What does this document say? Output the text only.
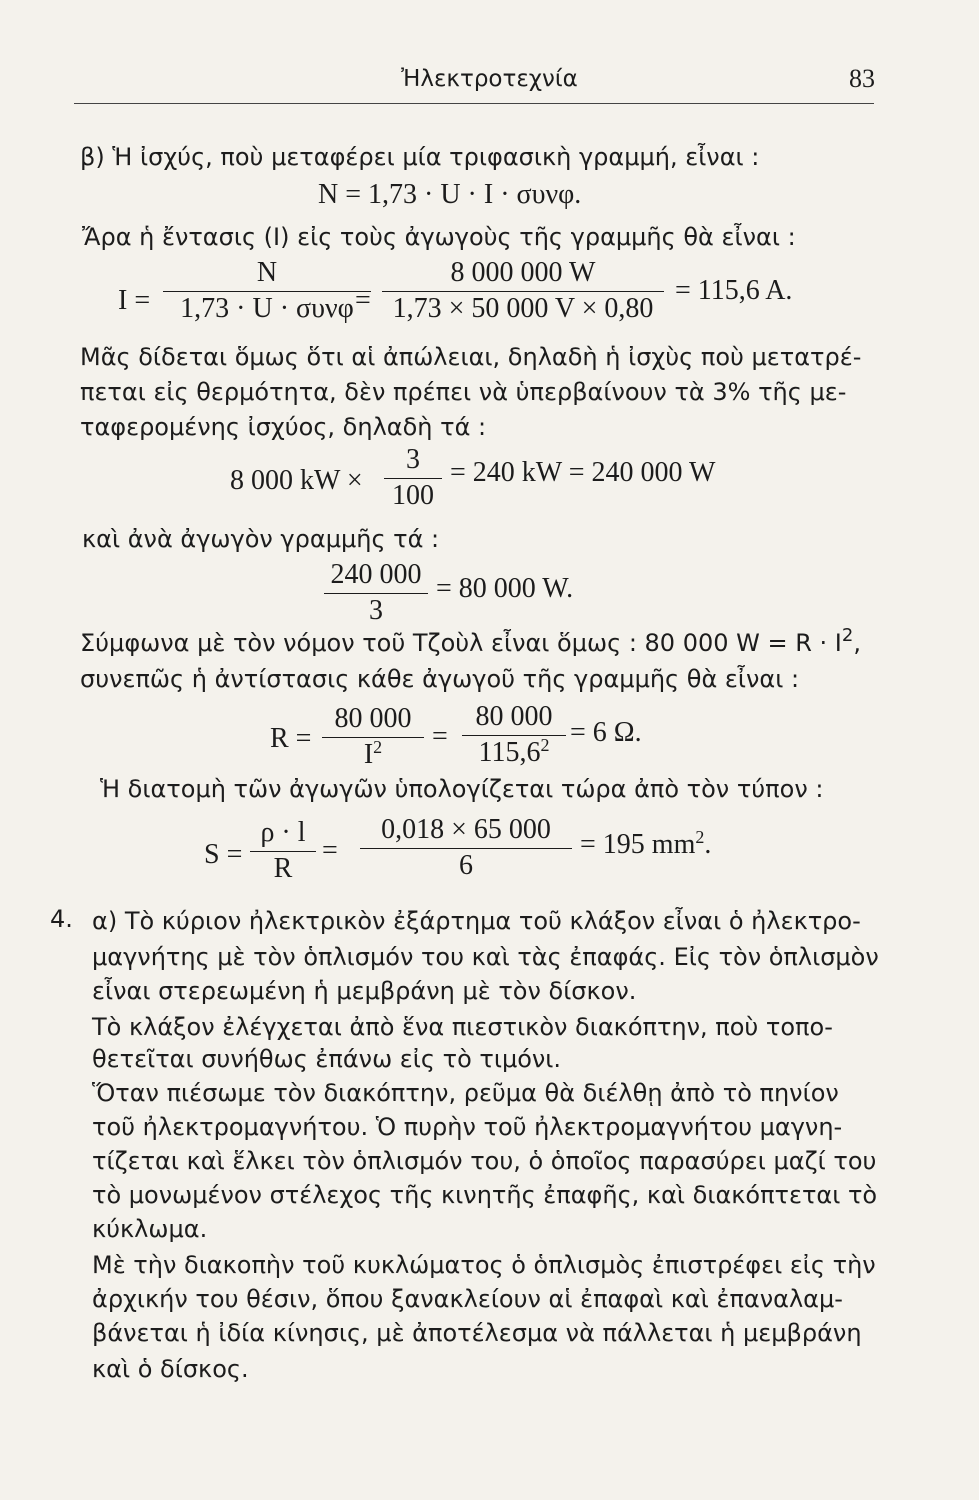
Ἠλεκτροτεχνία	83
β) Ἡ ἰσχύς, ποὺ μεταφέρει μία τριφασικὴ γραμμή, εἶναι :
N = 1,73 · U · I · συνφ.
Ἄρα ἡ ἔντασις (I) εἰς τοὺς ἀγωγοὺς τῆς γραμμῆς θὰ εἶναι :
I =
N
1,73 · U · συνφ =
8 000 000 W
1,73 × 50 000 V × 0,80
= 115,6 A.
Μᾶς δίδεται ὅμως ὅτι αἱ ἀπώλειαι, δηλαδὴ ἡ ἰσχὺς ποὺ μετατρέ-
πεται εἰς θερμότητα, δὲν πρέπει νὰ ὑπερβαίνουν τὰ 3% τῆς με-
ταφερομένης ἰσχύος, δηλαδὴ τά :
8 000 kW ×
3
100
= 240 kW = 240 000 W
καὶ ἀνὰ ἀγωγὸν γραμμῆς τά :
240 000
3
= 80 000 W.
Σύμφωνα μὲ τὸν νόμον τοῦ Τζοὺλ εἶναι ὅμως : 80 000 $W = R \cdot I^2$,
συνεπῶς ἡ ἀντίστασις κάθε ἀγωγοῦ τῆς γραμμῆς θὰ εἶναι :
R =
80 000
$I^2$	=
80 000
$115,6^2 = 6$ Ω.
Ἡ διατομὴ τῶν ἀγωγῶν ὑπολογίζεται τώρα ἀπὸ τὸν τύπον :
S =
ρ · l
R
=
0,018 × 65 000
6
= 195 $mm^2$.
4. α) Τὸ κύριον ἠλεκτρικὸν ἐξάρτημα τοῦ κλάξον εἶναι ὁ ἠλεκτρο-
μαγνήτης μὲ τὸν ὁπλισμόν του καὶ τὰς ἐπαφάς. Εἰς τὸν ὁπλισμὸν
εἶναι στερεωμένη ἡ μεμβράνη μὲ τὸν δίσκον.
Τὸ κλάξον ἐλέγχεται ἀπὸ ἕνα πιεστικὸν διακόπτην, ποὺ τοπο-
θετεῖται συνήθως ἐπάνω εἰς τὸ τιμόνι.
Ὅταν πιέσωμε τὸν διακόπτην, ρεῦμα θὰ διέλθῃ ἀπὸ τὸ πηνίον
τοῦ ἠλεκτρομαγνήτου. Ὁ πυρὴν τοῦ ἠλεκτρομαγνήτου μαγνη-
τίζεται καὶ ἕλκει τὸν ὁπλισμόν του, ὁ ὁποῖος παρασύρει μαζί του
τὸ μονωμένον στέλεχος τῆς κινητῆς ἐπαφῆς, καὶ διακόπτεται τὸ
κύκλωμα.
Μὲ τὴν διακοπὴν τοῦ κυκλώματος ὁ ὁπλισμὸς ἐπιστρέφει εἰς τὴν
ἀρχικήν του θέσιν, ὅπου ξανακλείουν αἱ ἐπαφαὶ καὶ ἐπαναλαμ-
βάνεται ἡ ἰδία κίνησις, μὲ ἀποτέλεσμα νὰ πάλλεται ἡ μεμβράνη
καὶ ὁ δίσκος.
